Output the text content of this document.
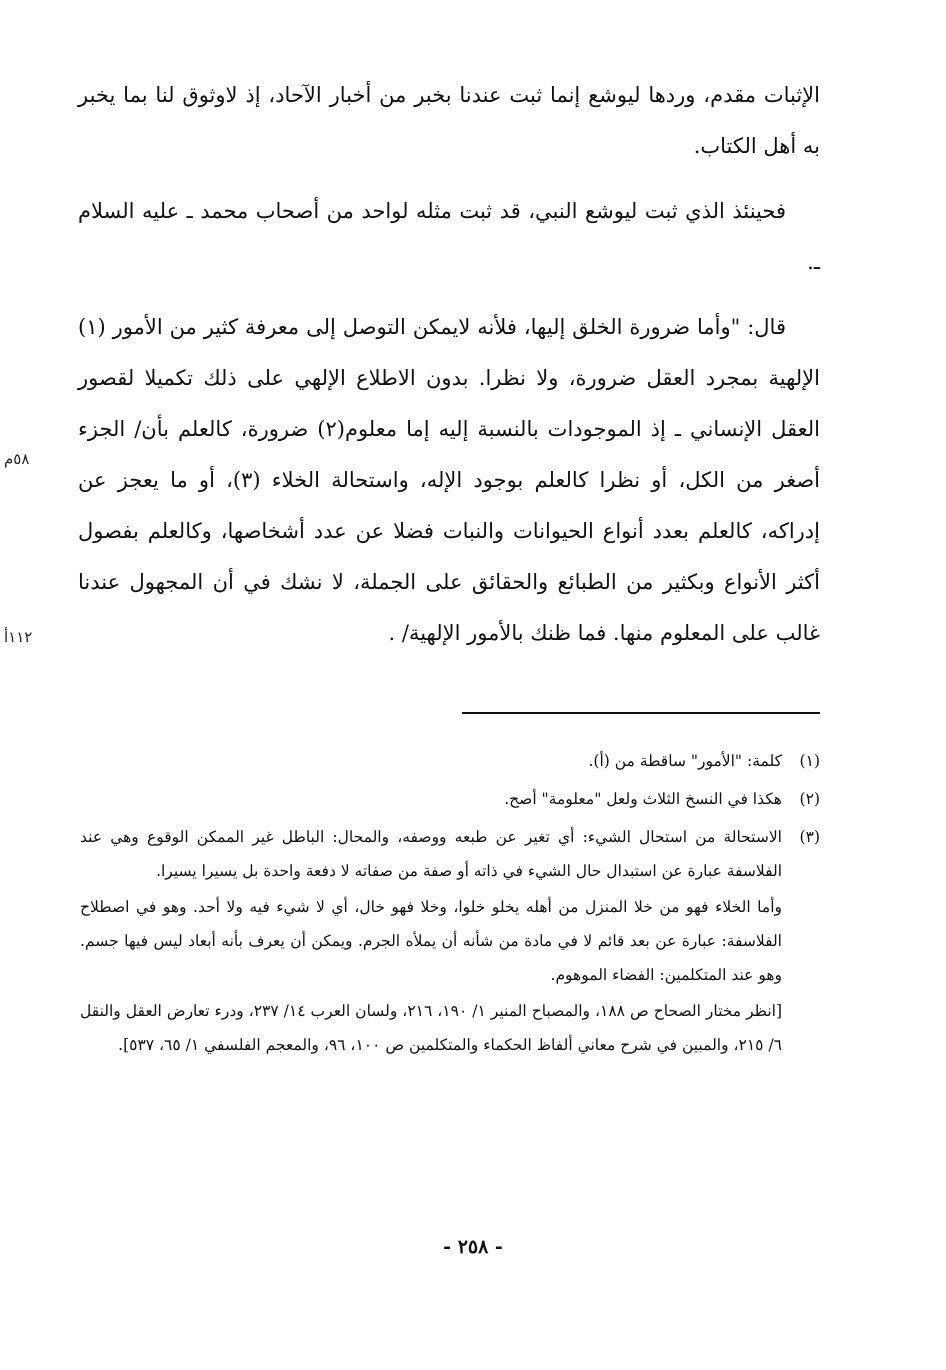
الإثبات مقدم، وردها ليوشع إنما ثبت عندنا بخبر من أخبار الآحاد، إذ لاوثوق لنا بما يخبر به أهل الكتاب.

فحينئذ الذي ثبت ليوشع النبي، قد ثبت مثله لواحد من أصحاب محمد ـ عليه السلام ـ.

قال: "وأما ضرورة الخلق إليها، فلأنه لايمكن التوصل إلى معرفة كثير من الأمور (١) الإلهية بمجرد العقل ضرورة، ولا نظرا. بدون الاطلاع الإلهي على ذلك تكميلا لقصور العقل الإنساني ـ إذ الموجودات بالنسبة إليه إما معلوم(٢) ضرورة، كالعلم بأن/ الجزء أصغر من الكل، أو نظرا كالعلم بوجود الإله، واستحالة الخلاء (٣)، أو ما يعجز عن إدراكه، كالعلم بعدد أنواع الحيوانات والنبات فضلا عن عدد أشخاصها، وكالعلم بفصول أكثر الأنواع وبكثير من الطبائع والحقائق على الجملة، لا نشك في أن المجهول عندنا غالب على المعلوم منها. فما ظنك بالأمور الإلهية/ .

٥٨م
١١٢أ
(١)

كلمة: "الأمور" ساقطة من (أ).

(٢)

هكذا في النسخ الثلاث ولعل "معلومة" أصح.

(٣)

الاستحالة من استحال الشيء: أي تغير عن طبعه ووصفه، والمحال: الباطل غير الممكن الوقوع وهي عند الفلاسفة عبارة عن استبدال حال الشيء في ذاته أو صفة من صفاته لا دفعة واحدة بل يسيرا يسيرا.

وأما الخلاء فهو من خلا المنزل من أهله يخلو خلوا، وخلا فهو خال، أي لا شيء فيه ولا أحد. وهو في اصطلاح الفلاسفة: عبارة عن بعد قائم لا في مادة من شأنه أن يملأه الجرم. ويمكن أن يعرف بأنه أبعاد ليس فيها جسم. وهو عند المتكلمين: الفضاء الموهوم.

[انظر مختار الصحاح ص ١٨٨، والمصباح المنير ١/ ١٩٠، ٢١٦، ولسان العرب ١٤/ ٢٣٧، ودرء تعارض العقل والنقل ٦/ ٢١٥، والمبين في شرح معاني ألفاظ الحكماء والمتكلمين ص ١٠٠، ٩٦، والمعجم الفلسفي ١/ ٦٥، ٥٣٧].

- ٢٥٨ -
